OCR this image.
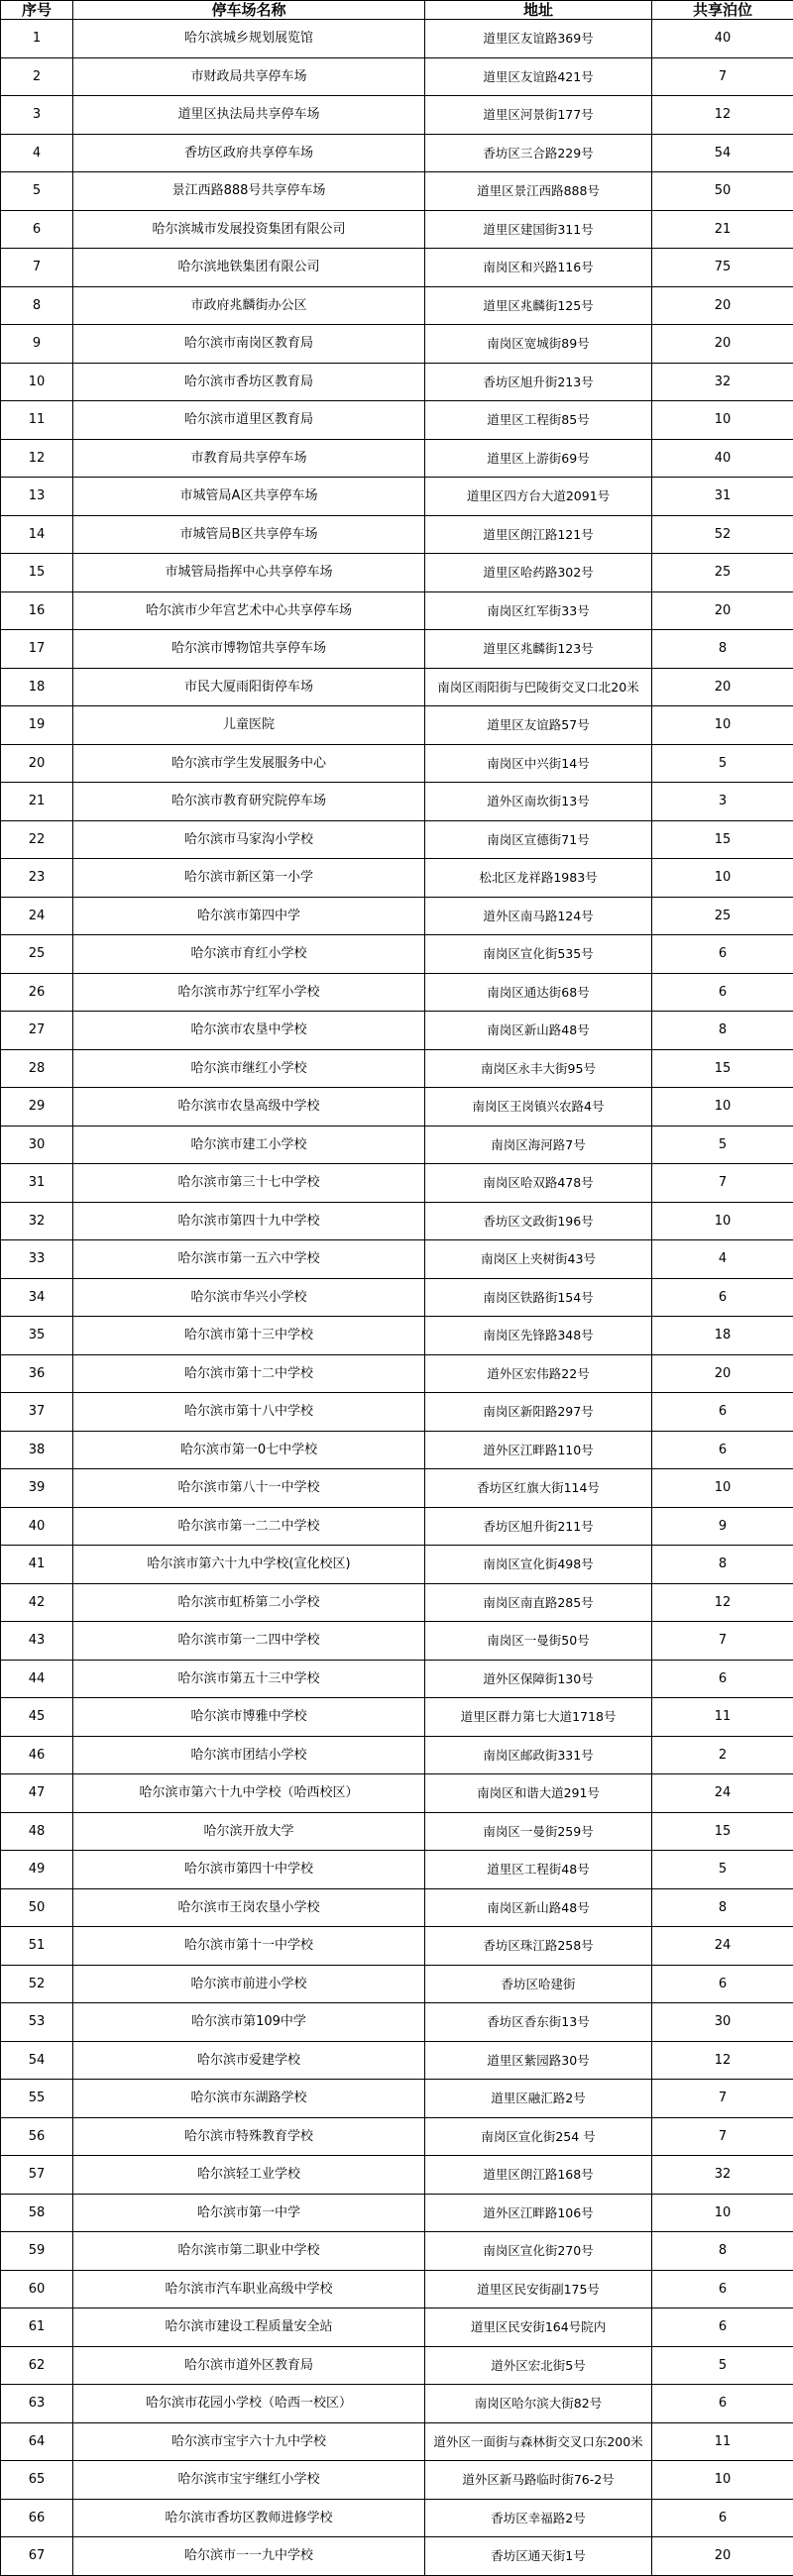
序号	停车场名称	地址	共享泊位
1	哈尔滨城乡规划展览馆	道里区友谊路369号	40
2	市财政局共享停车场	道里区友谊路421号	7
3	道里区执法局共享停车场	道里区河景街177号	12
4	香坊区政府共享停车场	香坊区三合路229号	54
5	景江西路888号共享停车场	道里区景江西路888号	50
6	哈尔滨城市发展投资集团有限公司	道里区建国街311号	21
7	哈尔滨地铁集团有限公司	南岗区和兴路116号	75
8	市政府兆麟街办公区	道里区兆麟街125号	20
9	哈尔滨市南岗区教育局	南岗区宽城街89号	20
10	哈尔滨市香坊区教育局	香坊区旭升街213号	32
11	哈尔滨市道里区教育局	道里区工程街85号	10
12	市教育局共享停车场	道里区上游街69号	40
13	市城管局A区共享停车场	道里区四方台大道2091号	31
14	市城管局B区共享停车场	道里区朗江路121号	52
15	市城管局指挥中心共享停车场	道里区哈药路302号	25
16	哈尔滨市少年宫艺术中心共享停车场	南岗区红军街33号	20
17	哈尔滨市博物馆共享停车场	道里区兆麟街123号	8
18	市民大厦雨阳街停车场	南岗区雨阳街与巴陵街交叉口北20米	20
19	儿童医院	道里区友谊路57号	10
20	哈尔滨市学生发展服务中心	南岗区中兴街14号	5
21	哈尔滨市教育研究院停车场	道外区南坎街13号	3
22	哈尔滨市马家沟小学校	南岗区宣德街71号	15
23	哈尔滨市新区第一小学	松北区龙祥路1983号	10
24	哈尔滨市第四中学	道外区南马路124号	25
25	哈尔滨市育红小学校	南岗区宣化街535号	6
26	哈尔滨市苏宁红军小学校	南岗区通达街68号	6
27	哈尔滨市农垦中学校	南岗区新山路48号	8
28	哈尔滨市继红小学校	南岗区永丰大街95号	15
29	哈尔滨市农垦高级中学校	南岗区王岗镇兴农路4号	10
30	哈尔滨市建工小学校	南岗区海河路7号	5
31	哈尔滨市第三十七中学校	南岗区哈双路478号	7
32	哈尔滨市第四十九中学校	香坊区文政街196号	10
33	哈尔滨市第一五六中学校	南岗区上夹树街43号	4
34	哈尔滨市华兴小学校	南岗区铁路街154号	6
35	哈尔滨市第十三中学校	南岗区先锋路348号	18
36	哈尔滨市第十二中学校	道外区宏伟路22号	20
37	哈尔滨市第十八中学校	南岗区新阳路297号	6
38	哈尔滨市第一0七中学校	道外区江畔路110号	6
39	哈尔滨市第八十一中学校	香坊区红旗大街114号	10
40	哈尔滨市第一二二中学校	香坊区旭升街211号	9
41	哈尔滨市第六十九中学校(宣化校区)	南岗区宣化街498号	8
42	哈尔滨市虹桥第二小学校	南岗区南直路285号	12
43	哈尔滨市第一二四中学校	南岗区一曼街50号	7
44	哈尔滨市第五十三中学校	道外区保障街130号	6
45	哈尔滨市博雅中学校	道里区群力第七大道1718号	11
46	哈尔滨市团结小学校	南岗区邮政街331号	2
47	哈尔滨市第六十九中学校（哈西校区）	南岗区和谐大道291号	24
48	哈尔滨开放大学	南岗区一曼街259号	15
49	哈尔滨市第四十中学校	道里区工程街48号	5
50	哈尔滨市王岗农垦小学校	南岗区新山路48号	8
51	哈尔滨市第十一中学校	香坊区珠江路258号	24
52	哈尔滨市前进小学校	香坊区哈建街	6
53	哈尔滨市第109中学	香坊区香东街13号	30
54	哈尔滨市爱建学校	道里区紫园路30号	12
55	哈尔滨市东湖路学校	道里区融汇路2号	7
56	哈尔滨市特殊教育学校	南岗区宣化街254 号	7
57	哈尔滨轻工业学校	道里区朗江路168号	32
58	哈尔滨市第一中学	道外区江畔路106号	10
59	哈尔滨市第二职业中学校	南岗区宣化街270号	8
60	哈尔滨市汽车职业高级中学校	道里区民安街副175号	6
61	哈尔滨市建设工程质量安全站	道里区民安街164号院内	6
62	哈尔滨市道外区教育局	道外区宏北街5号	5
63	哈尔滨市花园小学校（哈西一校区）	南岗区哈尔滨大街82号	6
64	哈尔滨市宝宇六十九中学校	道外区一面街与森林街交叉口东200米	11
65	哈尔滨市宝宇继红小学校	道外区新马路临时街76-2号	10
66	哈尔滨市香坊区教师进修学校	香坊区幸福路2号	6
67	哈尔滨市一一九中学校	香坊区通天街1号	20
